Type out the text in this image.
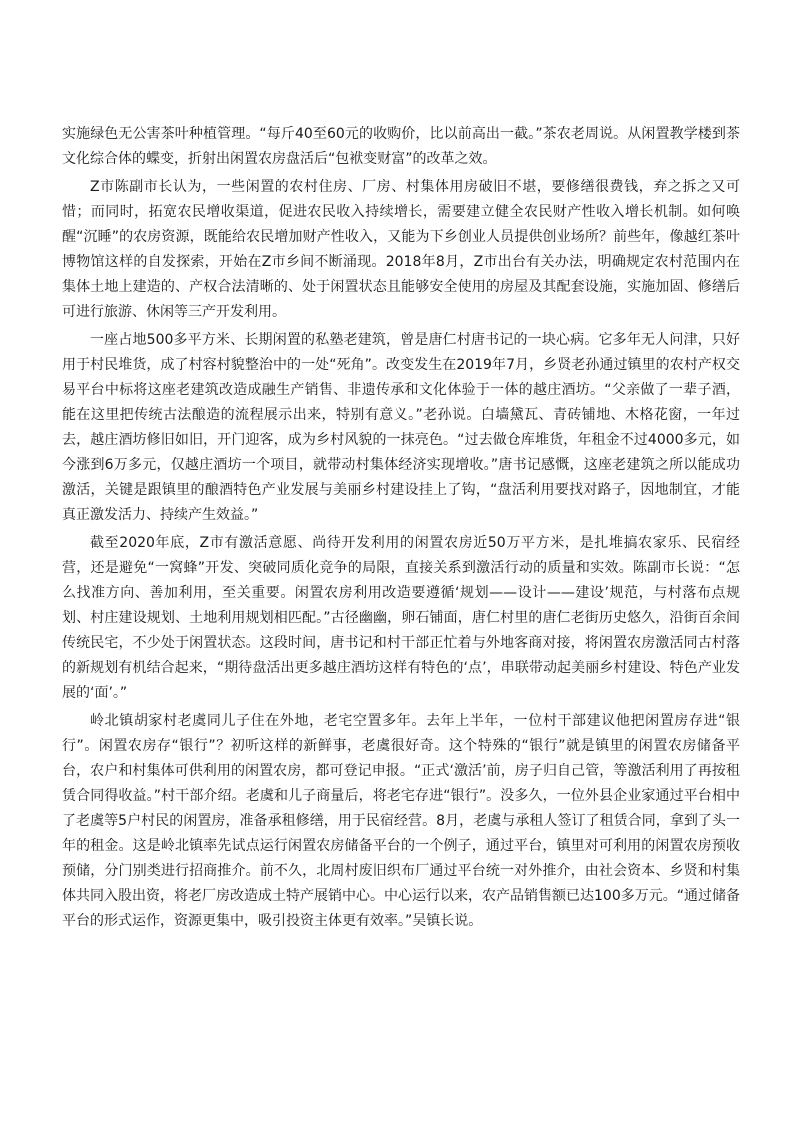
实施绿色无公害茶叶种植管理。“每斤40至60元的收购价，比以前高出一截。”茶农老周说。从闲置教学楼到茶文化综合体的蝶变，折射出闲置农房盘活后“包袱变财富”的改革之效。

Z市陈副市长认为，一些闲置的农村住房、厂房、村集体用房破旧不堪，要修缮很费钱，弃之拆之又可惜；而同时，拓宽农民增收渠道，促进农民收入持续增长，需要建立健全农民财产性收入增长机制。如何唤醒“沉睡”的农房资源，既能给农民增加财产性收入，又能为下乡创业人员提供创业场所？前些年，像越红茶叶博物馆这样的自发探索，开始在Z市乡间不断涌现。2018年8月，Z市出台有关办法，明确规定农村范围内在集体土地上建造的、产权合法清晰的、处于闲置状态且能够安全使用的房屋及其配套设施，实施加固、修缮后可进行旅游、休闲等三产开发利用。

一座占地500多平方米、长期闲置的私塾老建筑，曾是唐仁村唐书记的一块心病。它多年无人问津，只好用于村民堆货，成了村容村貌整治中的一处“死角”。改变发生在2019年7月，乡贤老孙通过镇里的农村产权交易平台中标将这座老建筑改造成融生产销售、非遗传承和文化体验于一体的越庄酒坊。“父亲做了一辈子酒，能在这里把传统古法酿造的流程展示出来，特别有意义。”老孙说。白墙黛瓦、青砖铺地、木格花窗，一年过去，越庄酒坊修旧如旧，开门迎客，成为乡村风貌的一抹亮色。“过去做仓库堆货，年租金不过4000多元，如今涨到6万多元，仅越庄酒坊一个项目，就带动村集体经济实现增收。”唐书记感慨，这座老建筑之所以能成功激活，关键是跟镇里的酿酒特色产业发展与美丽乡村建设挂上了钩，“盘活利用要找对路子，因地制宜，才能真正激发活力、持续产生效益。”

截至2020年底，Z市有激活意愿、尚待开发利用的闲置农房近50万平方米，是扎堆搞农家乐、民宿经营，还是避免“一窝蜂”开发、突破同质化竞争的局限，直接关系到激活行动的质量和实效。陈副市长说：“怎么找准方向、善加利用，至关重要。闲置农房利用改造要遵循‘规划——设计——建设’规范，与村落布点规划、村庄建设规划、土地利用规划相匹配。”古径幽幽，卵石铺面，唐仁村里的唐仁老街历史悠久，沿街百余间传统民宅，不少处于闲置状态。这段时间，唐书记和村干部正忙着与外地客商对接，将闲置农房激活同古村落的新规划有机结合起来，“期待盘活出更多越庄酒坊这样有特色的‘点’，串联带动起美丽乡村建设、特色产业发展的‘面’。”

岭北镇胡家村老虞同儿子住在外地，老宅空置多年。去年上半年，一位村干部建议他把闲置房存进“银行”。闲置农房存“银行”？初听这样的新鲜事，老虞很好奇。这个特殊的“银行”就是镇里的闲置农房储备平台，农户和村集体可供利用的闲置农房，都可登记申报。“正式‘激活’前，房子归自己管，等激活利用了再按租赁合同得收益。”村干部介绍。老虞和儿子商量后，将老宅存进“银行”。没多久，一位外县企业家通过平台相中了老虞等5户村民的闲置房，准备承租修缮，用于民宿经营。8月，老虞与承租人签订了租赁合同，拿到了头一年的租金。这是岭北镇率先试点运行闲置农房储备平台的一个例子，通过平台，镇里对可利用的闲置农房预收预储，分门别类进行招商推介。前不久，北周村废旧织布厂通过平台统一对外推介，由社会资本、乡贤和村集体共同入股出资，将老厂房改造成土特产展销中心。中心运行以来，农产品销售额已达100多万元。“通过储备平台的形式运作，资源更集中，吸引投资主体更有效率。”吴镇长说。
